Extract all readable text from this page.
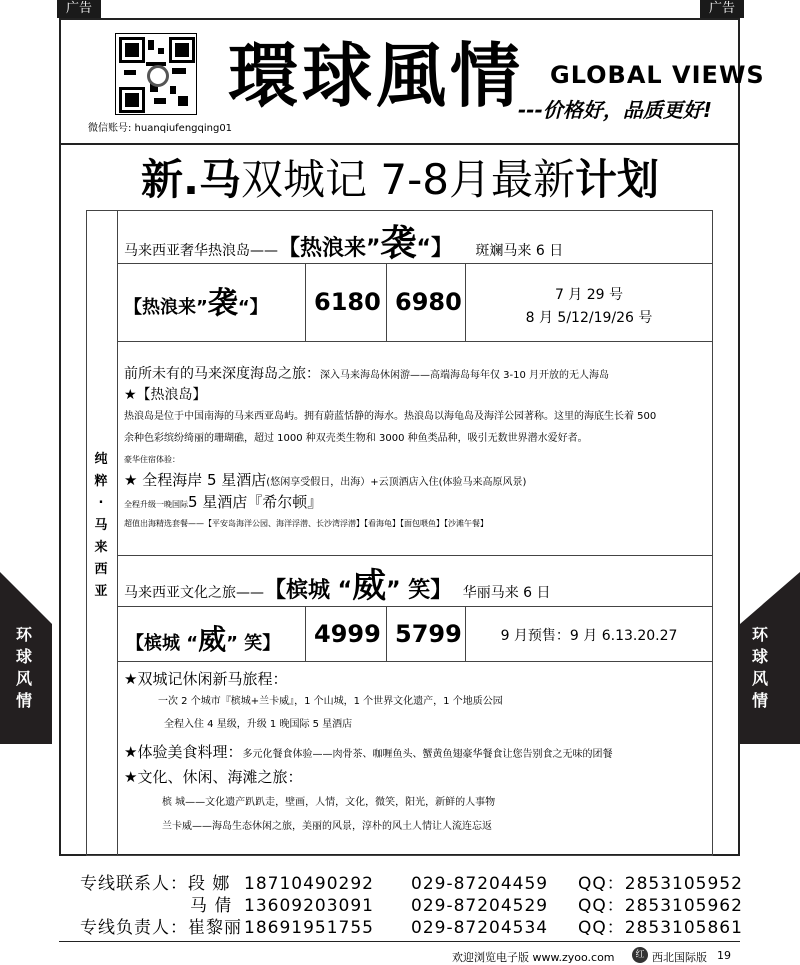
广告	广告
微信账号: huanqiufengqing01
環球風情 GLOBAL VIEWS
---价格好，品质更好!
新.马双城记 7-8月最新计划
纯
粹
.
马
来
西
亚
马来西亚奢华热浪岛——【热浪来”袭“】 斑斓马来 6 日
【热浪来”袭“】 6180 6980	7 月 29 号
8 月 5/12/19/26 号
前所未有的马来深度海岛之旅：深入马来海岛休闲游——高端海岛每年仅 3-10 月开放的无人海岛
★【热浪岛】
热浪岛是位于中国南海的马来西亚岛屿。拥有蔚蓝恬静的海水。热浪岛以海龟岛及海洋公园著称。这里的海底生长着 500
余种色彩缤纷绮丽的珊瑚礁，超过 1000 种双壳类生物和 3000 种鱼类品种，吸引无数世界潜水爱好者。
豪华住宿体验：
★ 全程海岸 5 星酒店(悠闲享受假日，出海）+云顶酒店入住(体验马来高原风景)
全程升级一晚国际5 星酒店『希尔顿』
超值出海精选套餐——【平安岛海洋公园、海洋浮潜、长沙湾浮潜】【看海龟】【面包喂鱼】【沙滩午餐】
马来西亚文化之旅——【槟城 “威” 笑】 华丽马来 6 日
【槟城 “威” 笑】 4999 5799	9 月预售：9 月 6.13.20.27
★双城记休闲新马旅程：
一次 2 个城市『槟城+兰卡威』，1 个山城，1 个世界文化遗产，1 个地质公园
全程入住 4 星级，升级 1 晚国际 5 星酒店
★体验美食料理：多元化餐食体验——肉骨茶、咖喱鱼头、蟹黄鱼翅豪华餐食让您告别食之无味的团餐
★文化、休闲、海滩之旅：
槟 城——文化遗产趴趴走，壁画，人情，文化，微笑，阳光，新鲜的人事物
兰卡威——海岛生态休闲之旅，美丽的风景，淳朴的风土人情让人流连忘返
环
球
风
情
环
球
风
情
专线联系人：段 娜 18710490292 029-87204459 QQ：2853105952
马 倩 13609203091 029-87204529 QQ：2853105962
专线负责人：崔黎丽 18691951755 029-87204534 QQ：2853105861
欢迎浏览电子版 www.zyoo.com	红 西北国际版 19
